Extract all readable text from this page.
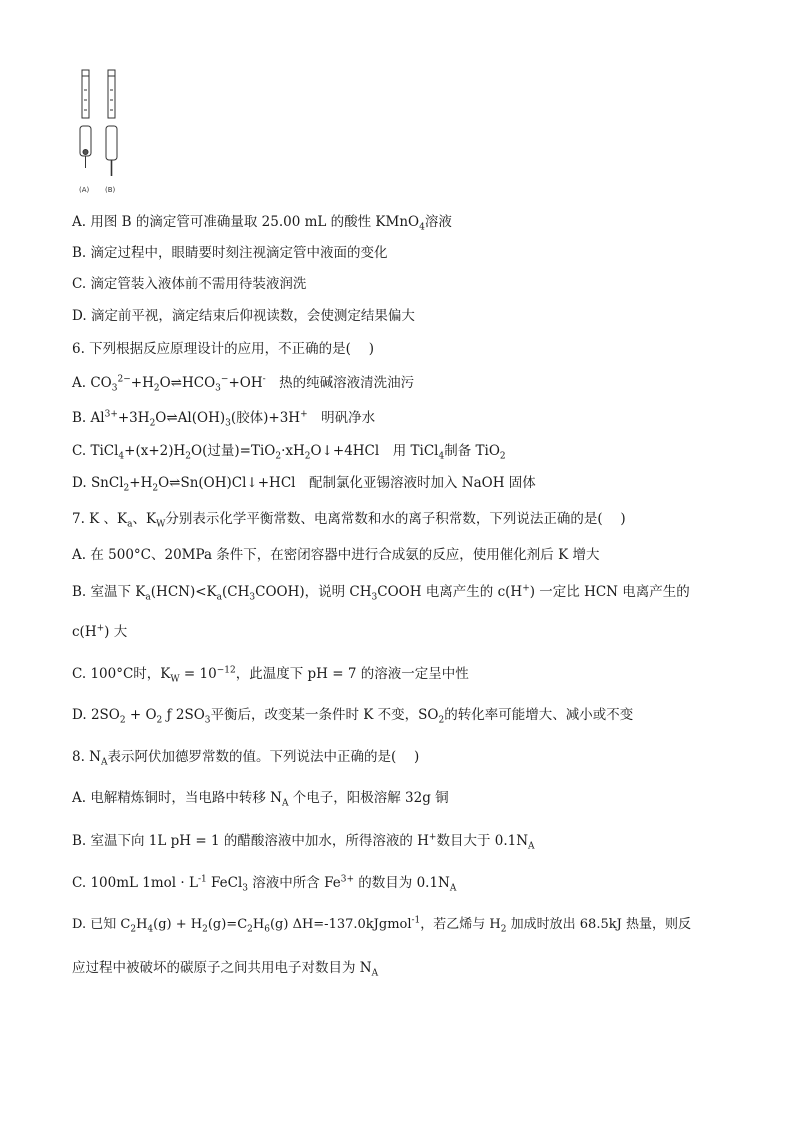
(A) (B)
A. 用图 B 的滴定管可准确量取 25.00 mL 的酸性 KMnO$_4$溶液
B. 滴定过程中，眼睛要时刻注视滴定管中液面的变化
C. 滴定管装入液体前不需用待装液润洗
D. 滴定前平视，滴定结束后仰视读数，会使测定结果偏大
6. 下列根据反应原理设计的应用，不正确的是(　 )
A. $CO_3^{2-}+H_2O\rightleftharpoons HCO_3^-+OH^-$　热的纯碱溶液清洗油污
B. $Al^{3+}+3H_2O\rightleftharpoons Al(OH)_3$(胶体)+3H+　明矾净水
C. $TiCl_4+(x+2)H_2O$(过量)$=TiO_2\cdot xH_2O↓+4HCl$　用 TiCl$_4$制备 TiO$_2$
D. $SnCl_2+H_2O\rightleftharpoons Sn(OH)Cl↓+HCl$　配制氯化亚锡溶液时加入 NaOH 固体
7. K 、$K_a$、$K_W$分别表示化学平衡常数、电离常数和水的离子积常数，下列说法正确的是(　 )
A. 在 500°C、20MPa 条件下，在密闭容器中进行合成氨的反应，使用催化剂后 K 增大
B. 室温下 $K_a(HCN)<K_a(CH_3COOH)$，说明 $CH_3COOH$ 电离产生的 c(H+) 一定比 HCN 电离产生的
c(H+) 大
C. 100°C时，$K_W = 10^{-12}$，此温度下 pH = 7 的溶液一定呈中性
D. $2SO_2 + O_2$ ƒ $2SO_3$平衡后，改变某一条件时 K 不变，$SO_2$的转化率可能增大、减小或不变
8. $N_A$表示阿伏加德罗常数的值。下列说法中正确的是(　 )
A. 电解精炼铜时，当电路中转移 $N_A$ 个电子，阳极溶解 32g 铜
B. 室温下向 1L pH = 1 的醋酸溶液中加水，所得溶液的 H+数目大于 $0.1N_A$
C. 100mL $1mol \cdot L^{-1}$ FeCl$_3$ 溶液中所含 $Fe^{3+}$ 的数目为 $0.1N_A$
D. 已知 $C_2H_4(g) + H_2(g)=C_2H_6(g)$ ΔH=-137.0kJgmol$^{-1}$，若乙烯与 $H_2$ 加成时放出 68.5kJ 热量，则反
应过程中被破坏的碳原子之间共用电子对数目为 $N_A$
